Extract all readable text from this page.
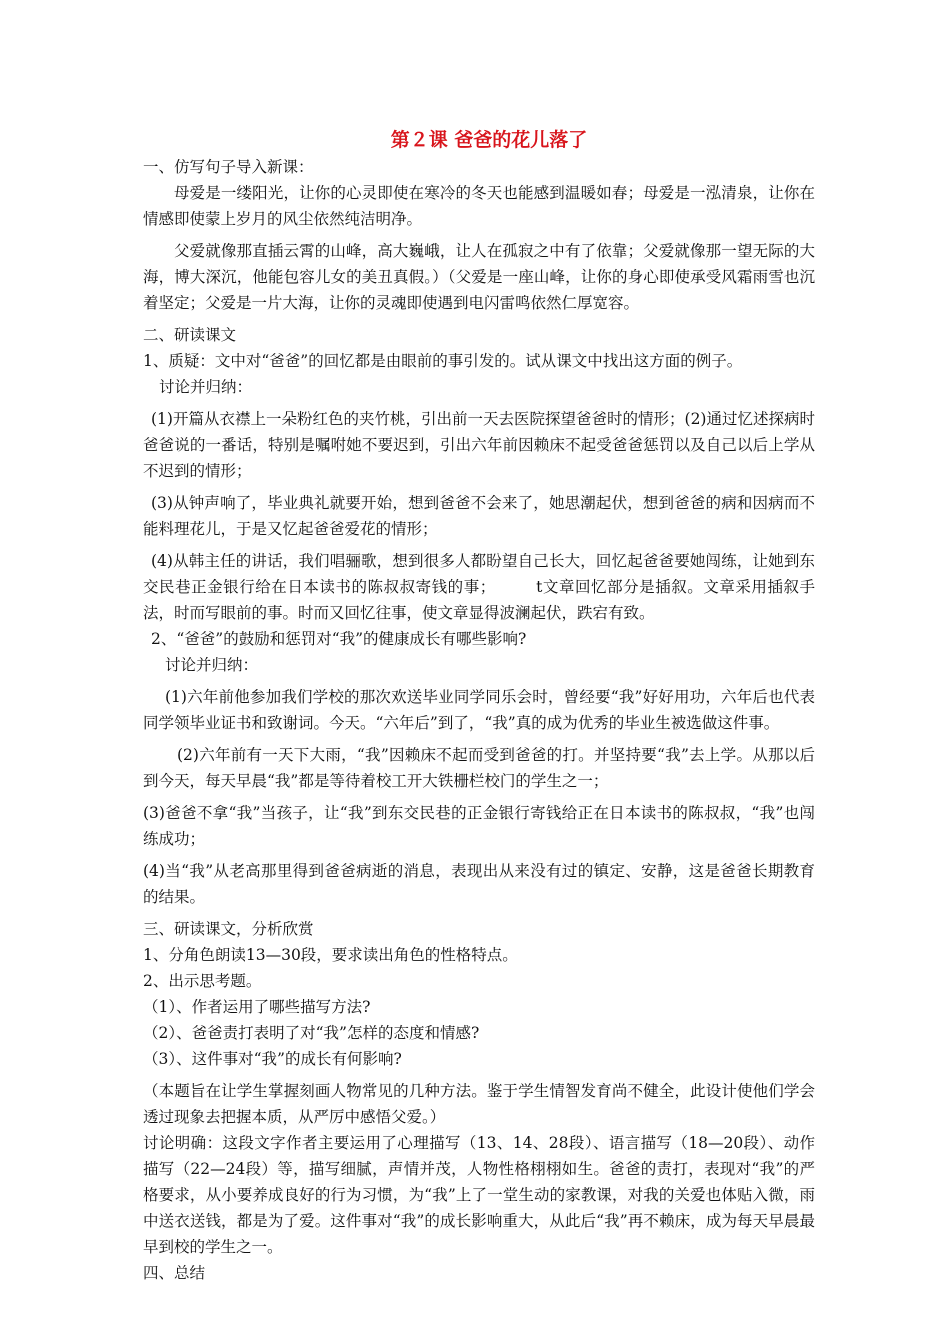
第２课 爸爸的花儿落了

一、仿写句子导入新课：

母爱是一缕阳光，让你的心灵即使在寒冷的冬天也能感到温暖如春；母爱是一泓清泉，让你在情感即使蒙上岁月的风尘依然纯洁明净。

父爱就像那直插云霄的山峰，高大巍峨，让人在孤寂之中有了依靠；父爱就像那一望无际的大海，博大深沉，他能包容儿女的美丑真假。）（父爱是一座山峰，让你的身心即使承受风霜雨雪也沉着坚定；父爱是一片大海，让你的灵魂即使遇到电闪雷鸣依然仁厚宽容。

二、研读课文

1、质疑：文中对“爸爸”的回忆都是由眼前的事引发的。试从课文中找出这方面的例子。

讨论并归纳：

(1)开篇从衣襟上一朵粉红色的夹竹桃，引出前一天去医院探望爸爸时的情形；(2)通过忆述探病时爸爸说的一番话，特别是嘱咐她不要迟到，引出六年前因赖床不起受爸爸惩罚以及自己以后上学从不迟到的情形；

(3)从钟声响了，毕业典礼就要开始，想到爸爸不会来了，她思潮起伏，想到爸爸的病和因病而不能料理花儿，于是又忆起爸爸爱花的情形；

(4)从韩主任的讲话，我们唱骊歌，想到很多人都盼望自己长大，回忆起爸爸要她闯练，让她到东交民巷正金银行给在日本读书的陈叔叔寄钱的事；　　　t文章回忆部分是插叙。文章采用插叙手法，时而写眼前的事。时而又回忆往事，使文章显得波澜起伏，跌宕有致。

2、“爸爸”的鼓励和惩罚对“我”的健康成长有哪些影响?

讨论并归纳：

(1)六年前他参加我们学校的那次欢送毕业同学同乐会时，曾经要“我”好好用功，六年后也代表同学领毕业证书和致谢词。今天。“六年后”到了，“我”真的成为优秀的毕业生被选做这件事。

(2)六年前有一天下大雨，“我”因赖床不起而受到爸爸的打。并坚持要“我”去上学。从那以后到今天，每天早晨“我”都是等待着校工开大铁栅栏校门的学生之一；

(3)爸爸不拿“我”当孩子，让“我”到东交民巷的正金银行寄钱给正在日本读书的陈叔叔，“我”也闯练成功；

(4)当“我”从老高那里得到爸爸病逝的消息，表现出从来没有过的镇定、安静，这是爸爸长期教育的结果。

三、研读课文，分析欣赏

1、分角色朗读13—30段，要求读出角色的性格特点。

2、出示思考题。

（1）、作者运用了哪些描写方法?

（2）、爸爸责打表明了对“我”怎样的态度和情感?

（3）、这件事对“我”的成长有何影响?

（本题旨在让学生掌握刻画人物常见的几种方法。鉴于学生情智发育尚不健全，此设计使他们学会透过现象去把握本质，从严厉中感悟父爱。）

讨论明确：这段文字作者主要运用了心理描写（13、14、28段）、语言描写（18—20段）、动作描写（22—24段）等，描写细腻，声情并茂，人物性格栩栩如生。爸爸的责打，表现对“我”的严格要求，从小要养成良好的行为习惯，为“我”上了一堂生动的家教课，对我的关爱也体贴入微，雨中送衣送钱，都是为了爱。这件事对“我”的成长影响重大，从此后“我”再不赖床，成为每天早晨最早到校的学生之一。

四、总结
